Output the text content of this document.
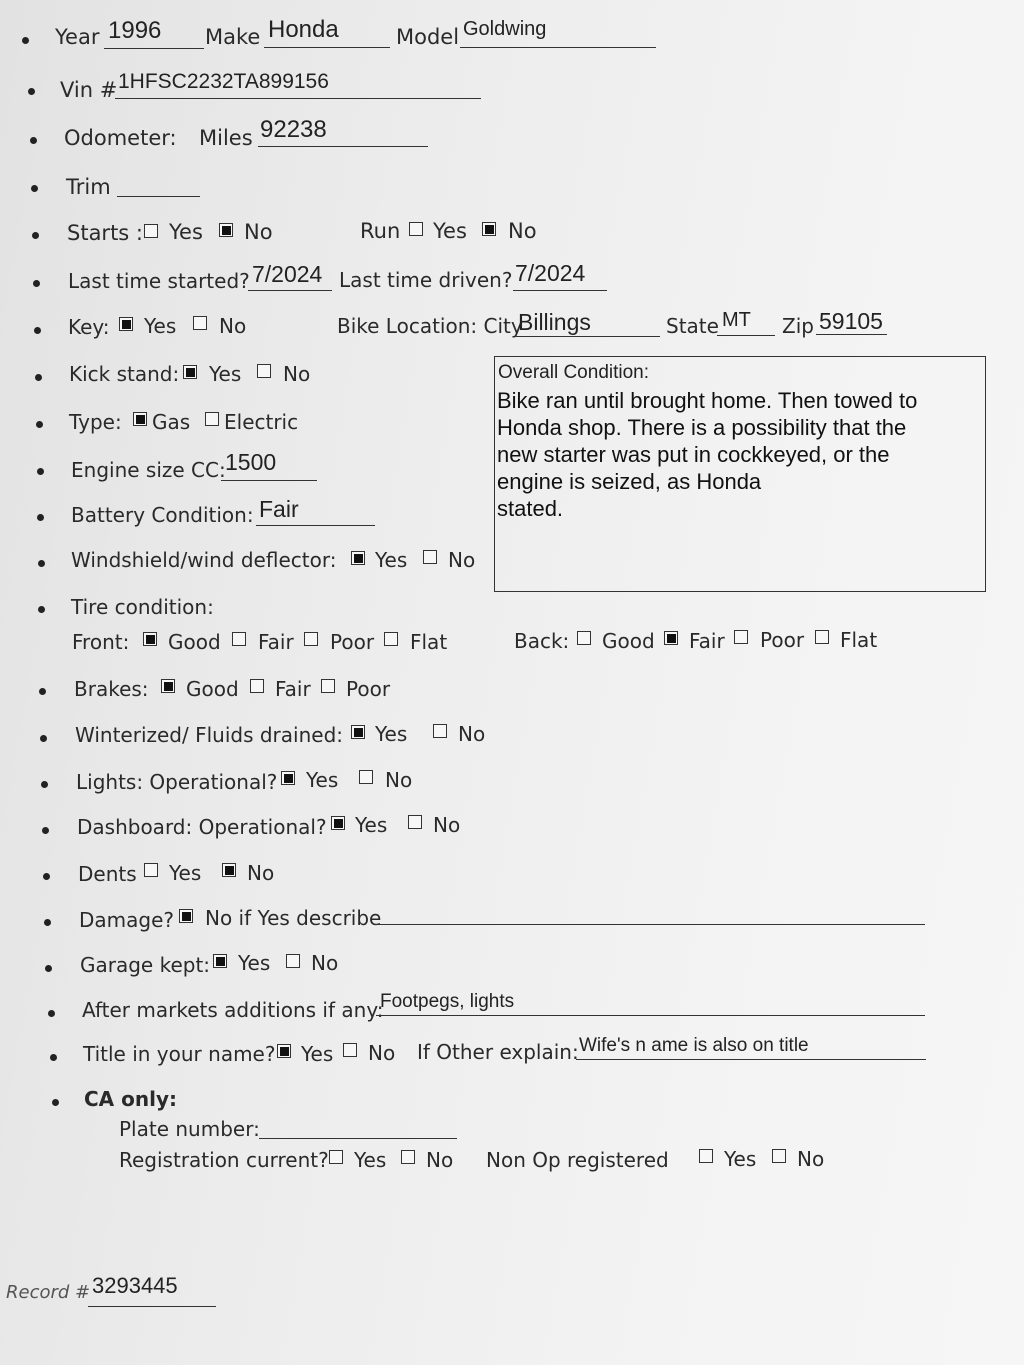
Year 1996 Make Honda	Model Goldwing
Vin # 1HFSC2232TA899156
Odometer: Miles 92238
Trim
Starts : Yes No	Run Yes No
Last time started? 7/2024 Last time driven? 7/2024
Key: Yes No	Bike Location: City
Billings	State MT Zip 59105
Kick stand: Yes No	Overall Condition:
Bike ran until brought home. Then towed to
Honda shop. There is a possibility that the
new starter was put in cockkeyed, or the
engine is seized, as Honda
stated.
Type: Gas Electric
Engine size CC: 1500
Battery Condition: Fair
Windshield/wind deflector: Yes No
Tire condition:
Front: Good Fair Poor Flat	Back: Good Fair Poor Flat
Brakes: Good Fair Poor
Winterized/ Fluids drained: Yes	No
Lights: Operational? Yes No
Dashboard: Operational? Yes No
Dents Yes No
Damage? No if Yes describe
Garage kept: Yes No
After markets additions if any:
Footpegs, lights
Title in your name? Yes No If Other explain: Wife's n ame is also on title
CA only:
Plate number:
Registration current? Yes No Non Op registered	Yes No
Record # 3293445
